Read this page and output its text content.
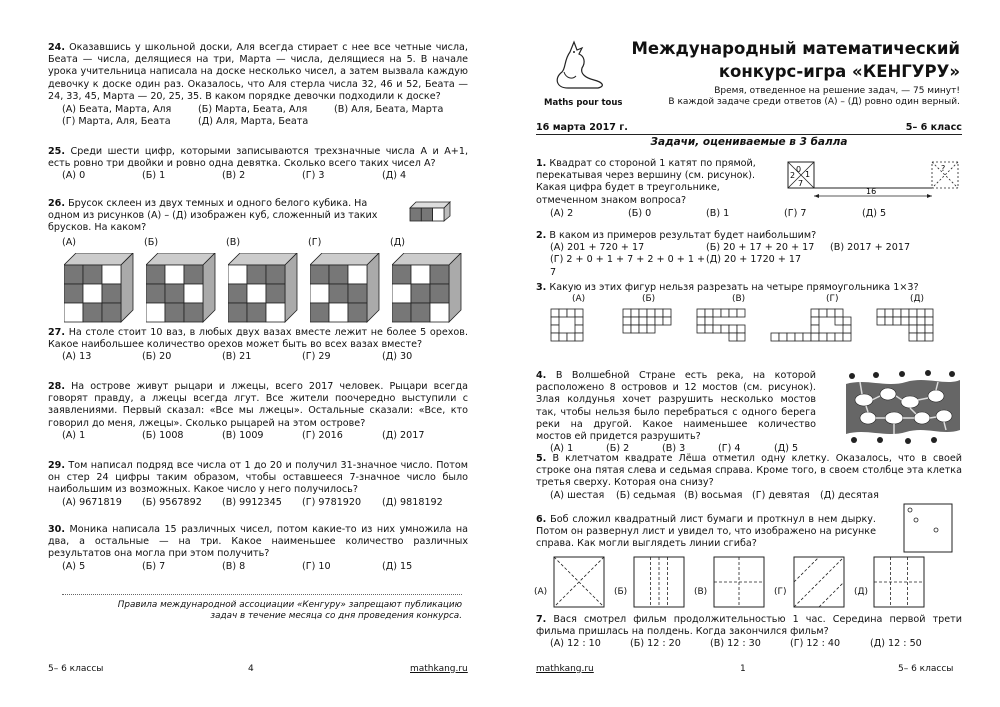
24. Оказавшись у школьной доски, Аля всегда стирает с нее все четные числа, Беата — числа, делящиеся на три, Марта — числа, делящиеся на 5. В начале урока учительница написала на доске несколько чисел, а затем вызвала каждую девочку к доске один раз. Оказалось, что Аля стерла числа 32, 46 и 52, Беата — 24, 33, 45, Марта — 20, 25, 35. В каком порядке девочки подходили к доске?
(А) Беата, Марта, Аля	(Б) Марта, Беата, Аля	(В) Аля, Беата, Марта
(Г) Марта, Аля, Беата	(Д) Аля, Марта, Беата
25. Среди шести цифр, которыми записываются трехзначные числа A и A+1, есть ровно три двойки и ровно одна девятка. Сколько всего таких чисел A?
(А) 0	(Б) 1	(В) 2	(Г) 3	(Д) 4
26. Брусок склеен из двух темных и одного белого кубика. На одном из рисунков (А) – (Д) изображен куб, сложенный из таких брусков. На каком?
(А)	(Б)	(В)	(Г)	(Д)
27. На столе стоит 10 ваз, в любых двух вазах вместе лежит не более 5 орехов. Какое наибольшее количество орехов может быть во всех вазах вместе?
(А) 13	(Б) 20	(В) 21	(Г) 29	(Д) 30
28. На острове живут рыцари и лжецы, всего 2017 человек. Рыцари всегда говорят правду, а лжецы всегда лгут. Все жители поочередно выступили с заявлениями. Первый сказал: «Все мы лжецы». Остальные сказали: «Все, кто говорил до меня, лжецы». Сколько рыцарей на этом острове?
(А) 1	(Б) 1008	(В) 1009	(Г) 2016	(Д) 2017
29. Том написал подряд все числа от 1 до 20 и получил 31-значное число. Потом он стер 24 цифры таким образом, чтобы оставшееся 7-значное число было наибольшим из возможных. Какое число у него получилось?
(А) 9671819	(Б) 9567892	(В) 9912345	(Г) 9781920	(Д) 9818192
30. Моника написала 15 различных чисел, потом какие-то из них умножила на два, а остальные — на три. Какое наименьшее количество различных результатов она могла при этом получить?
(А) 5	(Б) 7	(В) 8	(Г) 10	(Д) 15
Правила международной ассоциации «Кенгуру» запрещают публикацию задач в течение месяца со дня проведения конкурса.
5– 6 классы	4	mathkang.ru
Maths pour tous
Международный математический
конкурс-игра «КЕНГУРУ»
Время, отведенное на решение задач, — 75 минут!
В каждой задаче среди ответов (А) – (Д) ровно один верный.
16 марта 2017 г.	5– 6 класс
Задачи, оцениваемые в 3 балла
1. Квадрат со стороной 1 катят по прямой, перекатывая через вершину (см. рисунок). Какая цифра будет в треугольнике, отмеченном знаком вопроса?
0
1
2
7
?
16
(А) 2	(Б) 0	(В) 1	(Г) 7	(Д) 5
2. В каком из примеров результат будет наибольшим?
(А) 201 + 720 + 17	(Б) 20 + 17 + 20 + 17	(В) 2017 + 2017
(Г) 2 + 0 + 1 + 7 + 2 + 0 + 1 + 7
(Д) 20 + 1720 + 17
3. Какую из этих фигур нельзя разрезать на четыре прямоугольника 1×3?
(А)	(Б)	(В)	(Г)	(Д)
4. В Волшебной Стране есть река, на которой расположено 8 островов и 12 мостов (см. рисунок). Злая колдунья хочет разрушить несколько мостов так, чтобы нельзя было перебраться с одного берега реки на другой. Какое наименьшее количество мостов ей придется разрушить?
(А) 1	(Б) 2	(В) 3	(Г) 4	(Д) 5
5. В клетчатом квадрате Лёша отметил одну клетку. Оказалось, что в своей строке она пятая слева и седьмая справа. Кроме того, в своем столбце эта клетка третья сверху. Которая она снизу?
(А) шестая	(Б) седьмая (В) восьмая (Г) девятая	(Д) десятая
6. Боб сложил квадратный лист бумаги и проткнул в нем дырку. Потом он развернул лист и увидел то, что изображено на рисунке справа. Как могли выглядеть линии сгиба?
(А)	(Б)	(В)	(Г)	(Д)
7. Вася смотрел фильм продолжительностью 1 час. Середина первой трети фильма пришлась на полдень. Когда закончился фильм?
(А) 12 : 10	(Б) 12 : 20	(В) 12 : 30	(Г) 12 : 40	(Д) 12 : 50
mathkang.ru	1	5– 6 классы
